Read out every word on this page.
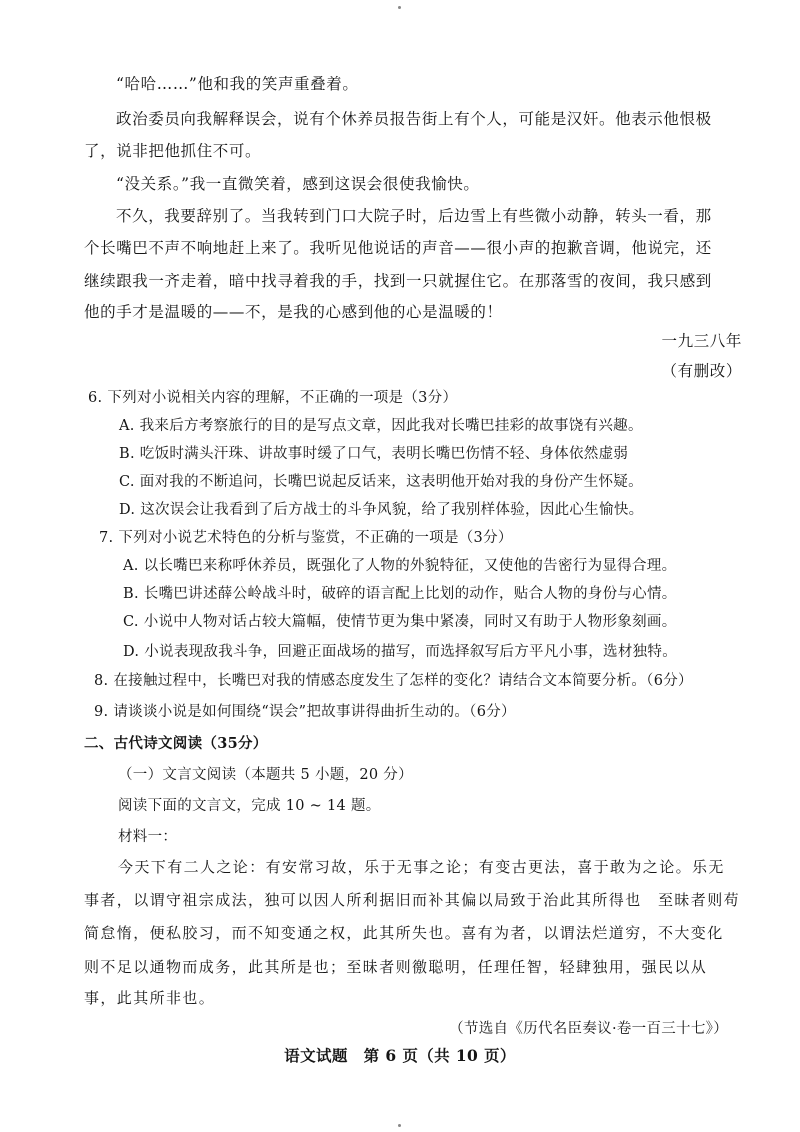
“哈哈……”他和我的笑声重叠着。
政治委员向我解释误会，说有个休养员报告街上有个人，可能是汉奸。他表示他恨极
了，说非把他抓住不可。
“没关系。”我一直微笑着，感到这误会很使我愉快。
不久，我要辞别了。当我转到门口大院子时，后边雪上有些微小动静，转头一看，那
个长嘴巴不声不响地赶上来了。我听见他说话的声音——很小声的抱歉音调，他说完，还
继续跟我一齐走着，暗中找寻着我的手，找到一只就握住它。在那落雪的夜间，我只感到
他的手才是温暖的——不，是我的心感到他的心是温暖的！
一九三八年
（有删改）
6. 下列对小说相关内容的理解，不正确的一项是（3分）
A. 我来后方考察旅行的目的是写点文章，因此我对长嘴巴挂彩的故事饶有兴趣。
B. 吃饭时满头汗珠、讲故事时缓了口气，表明长嘴巴伤情不轻、身体依然虚弱
C. 面对我的不断追问，长嘴巴说起反话来，这表明他开始对我的身份产生怀疑。
D. 这次误会让我看到了后方战士的斗争风貌，给了我别样体验，因此心生愉快。
7. 下列对小说艺术特色的分析与鉴赏，不正确的一项是（3分）
A. 以长嘴巴来称呼休养员，既强化了人物的外貌特征，又使他的告密行为显得合理。
B. 长嘴巴讲述薛公岭战斗时，破碎的语言配上比划的动作，贴合人物的身份与心情。
C. 小说中人物对话占较大篇幅，使情节更为集中紧凑，同时又有助于人物形象刻画。
D. 小说表现敌我斗争，回避正面战场的描写，而选择叙写后方平凡小事，选材独特。
8. 在接触过程中，长嘴巴对我的情感态度发生了怎样的变化？请结合文本简要分析。（6分）
9. 请谈谈小说是如何围绕“误会”把故事讲得曲折生动的。（6分）
二、古代诗文阅读（35分）
（一）文言文阅读（本题共 5 小题，20 分）
阅读下面的文言文，完成 10 ~ 14 题。
材料一：
今天下有二人之论：有安常习故，乐于无事之论；有变古更法，喜于敢为之论。乐无
事者，以谓守祖宗成法，独可以因人所利据旧而补其偏以局致于治此其所得也　至昧者则苟
简怠惰，便私胶习，而不知变通之权，此其所失也。喜有为者，以谓法烂道穷，不大变化
则不足以通物而成务，此其所是也；至昧者则徼聪明，任理任智，轻肆独用，强民以从
事，此其所非也。
（节选自《历代名臣奏议·卷一百三十七》）
语文试题　第 6 页（共 10 页）
